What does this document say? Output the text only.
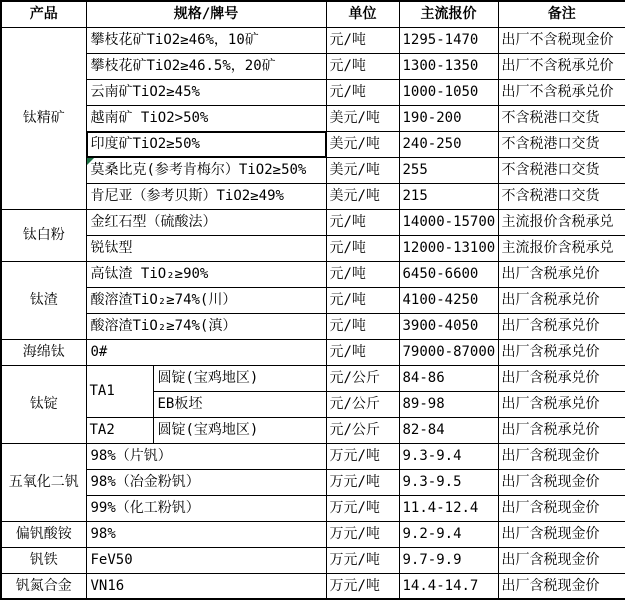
产品	规格/牌号		单位	主流报价	备注
钛精矿	攀枝花矿TiO2≥46%，10矿		元/吨	1295-1470	出厂不含税现金价
	攀枝花矿TiO2≥46.5%，20矿		元/吨	1300-1350	出厂不含税承兑价
	云南矿TiO2≥45%		元/吨	1000-1050	出厂不含税承兑价
	越南矿 TiO2>50%		美元/吨	190-200	不含税港口交货
	印度矿TiO2≥50%		美元/吨	240-250	不含税港口交货
	莫桑比克(参考肯梅尔）TiO2≥50%		美元/吨	255	不含税港口交货
	肯尼亚（参考贝斯）TiO2≥49%		美元/吨	215	不含税港口交货
钛白粉	金红石型（硫酸法）		元/吨	14000-15700	主流报价含税承兑
	锐钛型		元/吨	12000-13100	主流报价含税承兑
钛渣	高钛渣 TiO₂≥90%		元/吨	6450-6600	出厂含税承兑价
	酸溶渣TiO₂≥74%(川）		元/吨	4100-4250	出厂含税承兑价
	酸溶渣TiO₂≥74%(滇）		元/吨	3900-4050	出厂含税承兑价
海绵钛	0#		元/吨	79000-87000	出厂含税承兑价
钛锭	TA1	圆锭(宝鸡地区)	元/公斤	84-86	出厂含税承兑价
		EB板坯	元/公斤	89-98	出厂含税承兑价
	TA2	圆锭(宝鸡地区)	元/公斤	82-84	出厂含税承兑价
五氧化二钒	98%（片钒）		万元/吨	9.3-9.4	出厂含税现金价
	98%（冶金粉钒）		万元/吨	9.3-9.5	出厂含税现金价
	99%（化工粉钒）		万元/吨	11.4-12.4	出厂含税现金价
偏钒酸铵	98%		万元/吨	9.2-9.4	出厂含税现金价
钒铁	FeV50		万元/吨	9.7-9.9	出厂含税现金价
钒氮合金	VN16		万元/吨	14.4-14.7	出厂含税现金价
